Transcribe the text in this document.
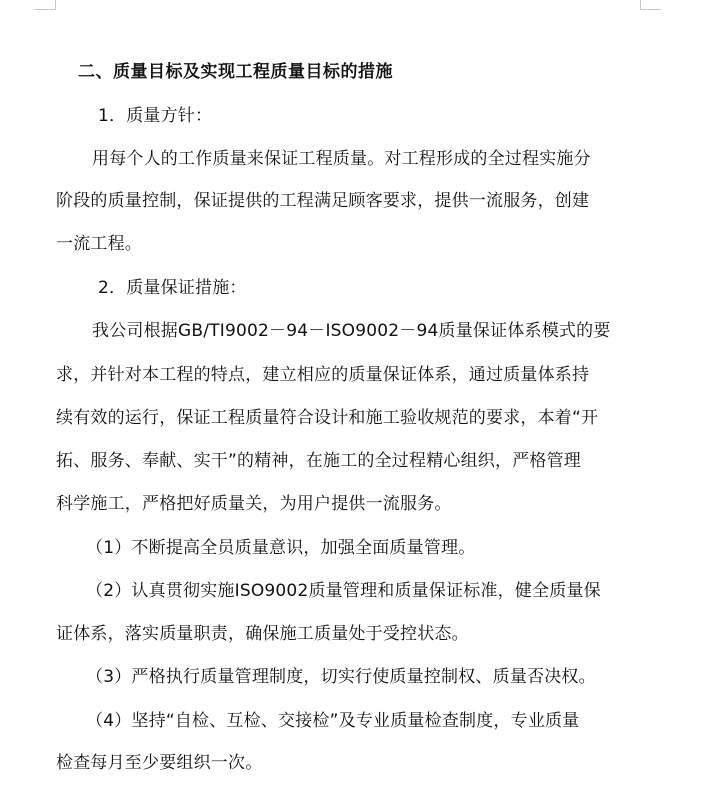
二、质量目标及实现工程质量目标的措施
1．质量方针：
用每个人的工作质量来保证工程质量。对工程形成的全过程实施分
阶段的质量控制，保证提供的工程满足顾客要求，提供一流服务，创建
一流工程。
2．质量保证措施：
我公司根据GB/TI9002－94－ISO9002－94质量保证体系模式的要
求，并针对本工程的特点，建立相应的质量保证体系，通过质量体系持
续有效的运行，保证工程质量符合设计和施工验收规范的要求，本着“开
拓、服务、奉献、实干”的精神，在施工的全过程精心组织，严格管理
科学施工，严格把好质量关，为用户提供一流服务。
（1）不断提高全员质量意识，加强全面质量管理。
（2）认真贯彻实施ISO9002质量管理和质量保证标准，健全质量保
证体系，落实质量职责，确保施工质量处于受控状态。
（3）严格执行质量管理制度，切实行使质量控制权、质量否决权。
（4）坚持“自检、互检、交接检”及专业质量检查制度，专业质量
检查每月至少要组织一次。
